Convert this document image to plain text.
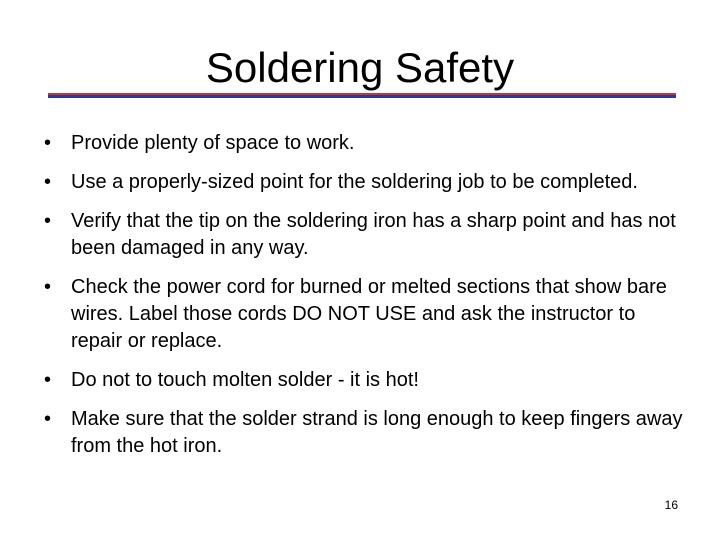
Soldering Safety
• Provide plenty of space to work.
• Use a properly-sized point for the soldering job to be completed.
• Verify that the tip on the soldering iron has a sharp point and has not been damaged in any way.
• Check the power cord for burned or melted sections that show bare wires. Label those cords DO NOT USE and ask the instructor to repair or replace.
• Do not to touch molten solder - it is hot!
• Make sure that the solder strand is long enough to keep fingers away from the hot iron.
16
